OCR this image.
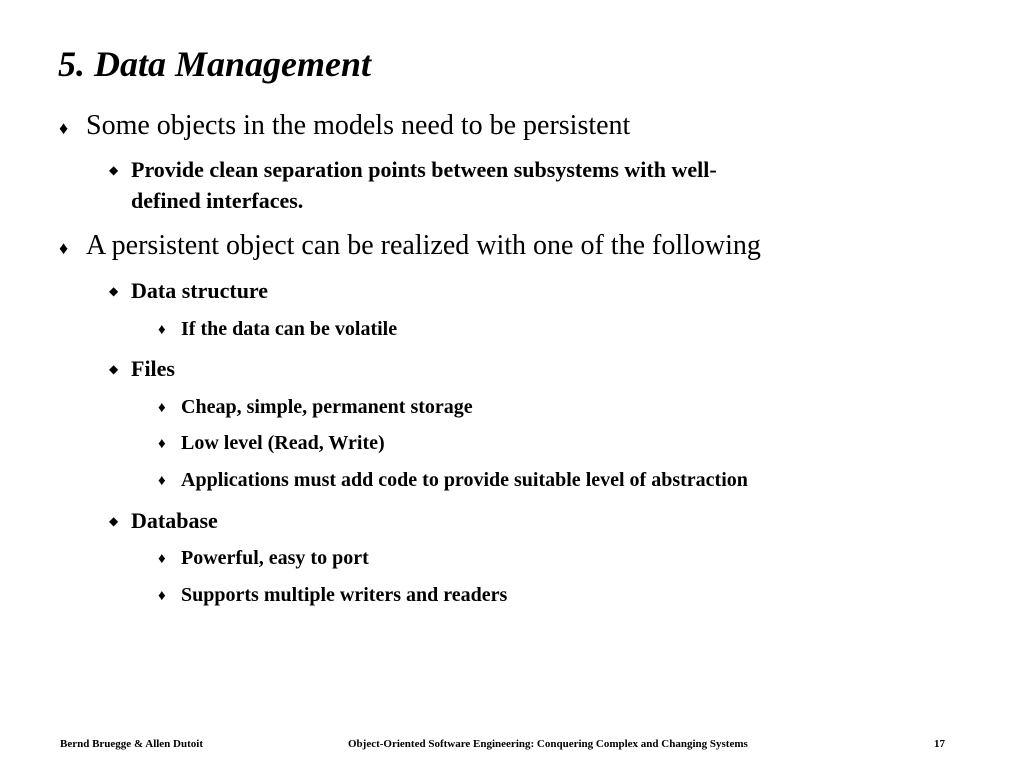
5. Data Management
♦ Some objects in the models need to be persistent
◆ Provide clean separation points between subsystems with well-
defined interfaces.
♦ A persistent object can be realized with one of the following
◆ Data structure
♦ If the data can be volatile
◆ Files
♦ Cheap, simple, permanent storage
♦ Low level (Read, Write)
♦ Applications must add code to provide suitable level of abstraction
◆ Database
♦ Powerful, easy to port
♦ Supports multiple writers and readers
Bernd Bruegge & Allen Dutoit	Object-Oriented Software Engineering: Conquering Complex and Changing Systems	17
